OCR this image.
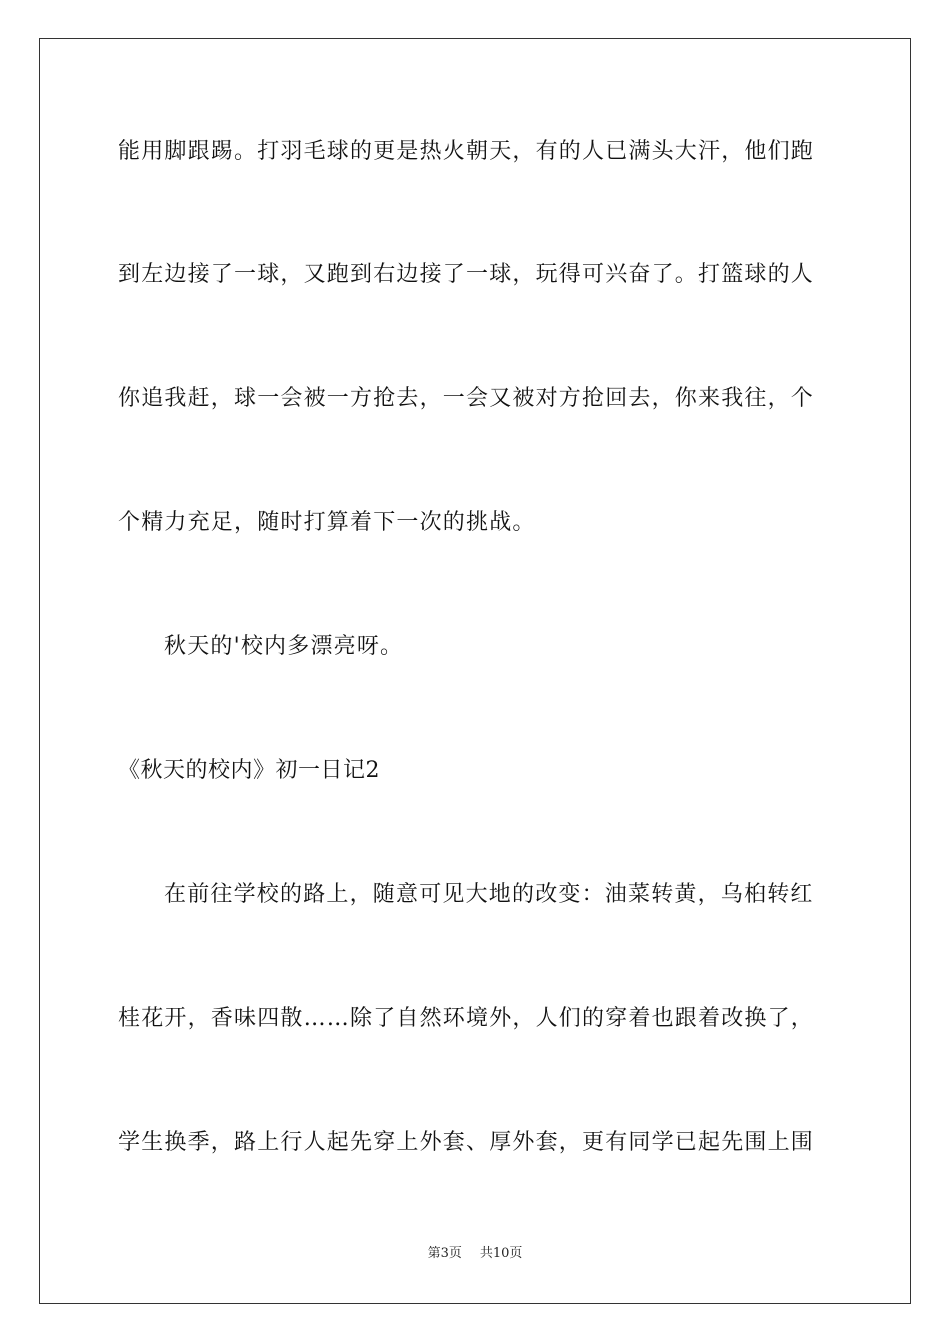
能用脚跟踢。打羽毛球的更是热火朝天，有的人已满头大汗，他们跑
到左边接了一球，又跑到右边接了一球，玩得可兴奋了。打篮球的人
你追我赶，球一会被一方抢去，一会又被对方抢回去，你来我往，个
个精力充足，随时打算着下一次的挑战。
秋天的'校内多漂亮呀。
《秋天的校内》初一日记2
在前往学校的路上，随意可见大地的改变：油菜转黄，乌桕转红
桂花开，香味四散……除了自然环境外，人们的穿着也跟着改换了，
学生换季，路上行人起先穿上外套、厚外套，更有同学已起先围上围
第3页 共10页
